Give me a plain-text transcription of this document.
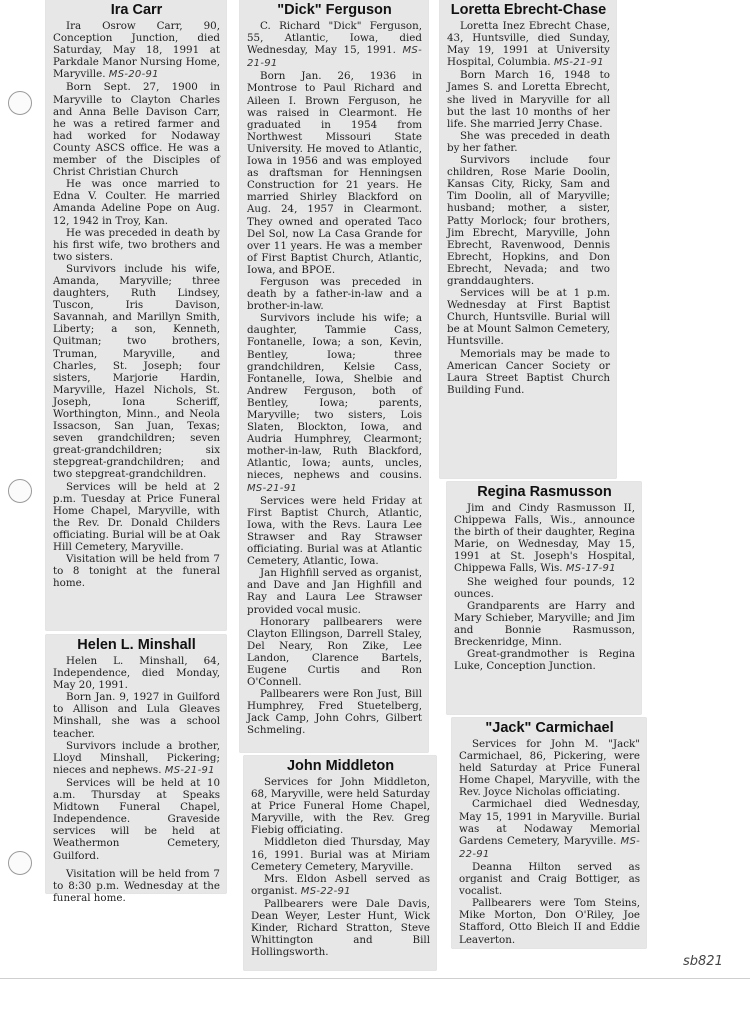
Ira Carr

Ira Osrow Carr, 90, Conception Junction, died Saturday, May 18, 1991 at Parkdale Manor Nursing Home, Maryville. MS-20-91

Born Sept. 27, 1900 in Maryville to Clayton Charles and Anna Belle Davison Carr, he was a retired farmer and had worked for Nodaway County ASCS office. He was a member of the Disciples of Christ Christian Church

He was once married to Edna V. Coulter. He married Amanda Adeline Pope on Aug. 12, 1942 in Troy, Kan.

He was preceded in death by his first wife, two brothers and two sisters.

Survivors include his wife, Amanda, Maryville; three daughters, Ruth Lindsey, Tuscon, Iris Davison, Savannah, and Marillyn Smith, Liberty; a son, Kenneth, Quitman; two brothers, Truman, Maryville, and Charles, St. Joseph; four sisters, Marjorie Hardin, Maryville, Hazel Nichols, St. Joseph, Iona Scheriff, Worthington, Minn., and Neola Issacson, San Juan, Texas; seven grandchildren; seven great-grandchildren; six stepgreat-grandchildren; and two stepgreat-grandchildren.

Services will be held at 2 p.m. Tuesday at Price Funeral Home Chapel, Maryville, with the Rev. Dr. Donald Childers officiating. Burial will be at Oak Hill Cemetery, Maryville.

Visitation will be held from 7 to 8 tonight at the funeral home.

Helen L. Minshall

Helen L. Minshall, 64, Independence, died Monday, May 20, 1991.

Born Jan. 9, 1927 in Guilford to Allison and Lula Gleaves Minshall, she was a school teacher.

Survivors include a brother, Lloyd Minshall, Pickering; nieces and nephews. MS-21-91

Services will be held at 10 a.m. Thursday at Speaks Midtown Funeral Chapel, Independence. Graveside services will be held at Weathermon Cemetery, Guilford.

Visitation will be held from 7 to 8:30 p.m. Wednesday at the funeral home.

"Dick" Ferguson

C. Richard "Dick" Ferguson, 55, Atlantic, Iowa, died Wednesday, May 15, 1991. MS-21-91

Born Jan. 26, 1936 in Montrose to Paul Richard and Aileen I. Brown Ferguson, he was raised in Clearmont. He graduated in 1954 from Northwest Missouri State University. He moved to Atlantic, Iowa in 1956 and was employed as draftsman for Henningsen Construction for 21 years. He married Shirley Blackford on Aug. 24, 1957 in Clearmont. They owned and operated Taco Del Sol, now La Casa Grande for over 11 years. He was a member of First Baptist Church, Atlantic, Iowa, and BPOE.

Ferguson was preceded in death by a father-in-law and a brother-in-law.

Survivors include his wife; a daughter, Tammie Cass, Fontanelle, Iowa; a son, Kevin, Bentley, Iowa; three grandchildren, Kelsie Cass, Fontanelle, Iowa, Shelbie and Andrew Ferguson, both of Bentley, Iowa; parents, Maryville; two sisters, Lois Slaten, Blockton, Iowa, and Audria Humphrey, Clearmont; mother-in-law, Ruth Blackford, Atlantic, Iowa; aunts, uncles, nieces, nephews and cousins. MS-21-91

Services were held Friday at First Baptist Church, Atlantic, Iowa, with the Revs. Laura Lee Strawser and Ray Strawser officiating. Burial was at Atlantic Cemetery, Atlantic, Iowa.

Jan Highfill served as organist, and Dave and Jan Highfill and Ray and Laura Lee Strawser provided vocal music.

Honorary pallbearers were Clayton Ellingson, Darrell Staley, Del Neary, Ron Zike, Lee Landon, Clarence Bartels, Eugene Curtis and Ron O'Connell.

Pallbearers were Ron Just, Bill Humphrey, Fred Stuetelberg, Jack Camp, John Cohrs, Gilbert Schmeling.

John Middleton

Services for John Middleton, 68, Maryville, were held Saturday at Price Funeral Home Chapel, Maryville, with the Rev. Greg Fiebig officiating.

Middleton died Thursday, May 16, 1991. Burial was at Miriam Cemetery Cemetery, Maryville.

Mrs. Eldon Asbell served as organist. MS-22-91

Pallbearers were Dale Davis, Dean Weyer, Lester Hunt, Wick Kinder, Richard Stratton, Steve Whittington and Bill Hollingsworth.

Loretta Ebrecht-Chase

Loretta Inez Ebrecht Chase, 43, Huntsville, died Sunday, May 19, 1991 at University Hospital, Columbia. MS-21-91

Born March 16, 1948 to James S. and Loretta Ebrecht, she lived in Maryville for all but the last 10 months of her life. She married Jerry Chase.

She was preceded in death by her father.

Survivors include four children, Rose Marie Doolin, Kansas City, Ricky, Sam and Tim Doolin, all of Maryville; husband; mother, a sister, Patty Morlock; four brothers, Jim Ebrecht, Maryville, John Ebrecht, Ravenwood, Dennis Ebrecht, Hopkins, and Don Ebrecht, Nevada; and two granddaughters.

Services will be at 1 p.m. Wednesday at First Baptist Church, Huntsville. Burial will be at Mount Salmon Cemetery, Huntsville.

Memorials may be made to American Cancer Society or Laura Street Baptist Church Building Fund.

Regina Rasmusson

Jim and Cindy Rasmusson II, Chippewa Falls, Wis., announce the birth of their daughter, Regina Marie, on Wednesday, May 15, 1991 at St. Joseph's Hospital, Chippewa Falls, Wis. MS-17-91

She weighed four pounds, 12 ounces.

Grandparents are Harry and Mary Schieber, Maryville; and Jim and Bonnie Rasmusson, Breckenridge, Minn.

Great-grandmother is Regina Luke, Conception Junction.

"Jack" Carmichael

Services for John M. "Jack" Carmichael, 86, Pickering, were held Saturday at Price Funeral Home Chapel, Maryville, with the Rev. Joyce Nicholas officiating.

Carmichael died Wednesday, May 15, 1991 in Maryville. Burial was at Nodaway Memorial Gardens Cemetery, Maryville. MS-22-91

Deanna Hilton served as organist and Craig Bottiger, as vocalist.

Pallbearers were Tom Steins, Mike Morton, Don O'Riley, Joe Stafford, Otto Bleich II and Eddie Leaverton.

sb821
